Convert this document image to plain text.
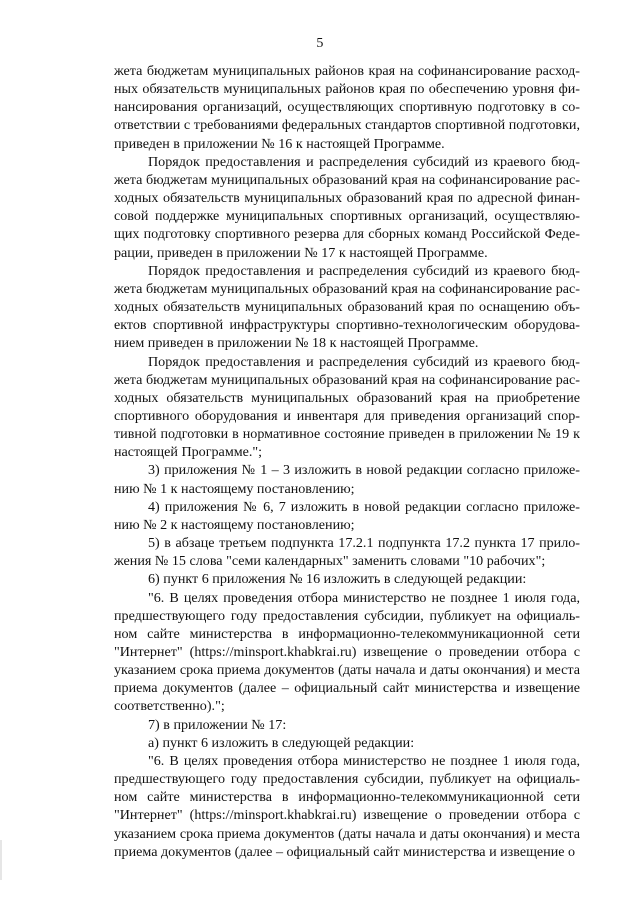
5

жета бюджетам муниципальных районов края на софинансирование расходных обязательств муниципальных районов края по обеспечению уровня финансирования организаций, осуществляющих спортивную подготовку в соответствии с требованиями федеральных стандартов спортивной подготовки, приведен в приложении № 16 к настоящей Программе.

Порядок предоставления и распределения субсидий из краевого бюджета бюджетам муниципальных образований края на софинансирование расходных обязательств муниципальных образований края по адресной финансовой поддержке муниципальных спортивных организаций, осуществляющих подготовку спортивного резерва для сборных команд Российской Федерации, приведен в приложении № 17 к настоящей Программе.

Порядок предоставления и распределения субсидий из краевого бюджета бюджетам муниципальных образований края на софинансирование расходных обязательств муниципальных образований края по оснащению объектов спортивной инфраструктуры спортивно-технологическим оборудованием приведен в приложении № 18 к настоящей Программе.

Порядок предоставления и распределения субсидий из краевого бюджета бюджетам муниципальных образований края на софинансирование расходных обязательств муниципальных образований края на приобретение спортивного оборудования и инвентаря для приведения организаций спортивной подготовки в нормативное состояние приведен в приложении № 19 к настоящей Программе.";

3) приложения № 1 – 3 изложить в новой редакции согласно приложению № 1 к настоящему постановлению;

4) приложения № 6, 7 изложить в новой редакции согласно приложению № 2 к настоящему постановлению;

5) в абзаце третьем подпункта 17.2.1 подпункта 17.2 пункта 17 приложения № 15 слова "семи календарных" заменить словами "10 рабочих";

6) пункт 6 приложения № 16 изложить в следующей редакции:

"6. В целях проведения отбора министерство не позднее 1 июля года, предшествующего году предоставления субсидии, публикует на официальном сайте министерства в информационно-телекоммуникационной сети "Интернет" (https://minsport.khabkrai.ru) извещение о проведении отбора с указанием срока приема документов (даты начала и даты окончания) и места приема документов (далее – официальный сайт министерства и извещение соответственно).";

7) в приложении № 17:

а) пункт 6 изложить в следующей редакции:

"6. В целях проведения отбора министерство не позднее 1 июля года, предшествующего году предоставления субсидии, публикует на официальном сайте министерства в информационно-телекоммуникационной сети "Интернет" (https://minsport.khabkrai.ru) извещение о проведении отбора с указанием срока приема документов (даты начала и даты окончания) и места приема документов (далее – официальный сайт министерства и извещение о
